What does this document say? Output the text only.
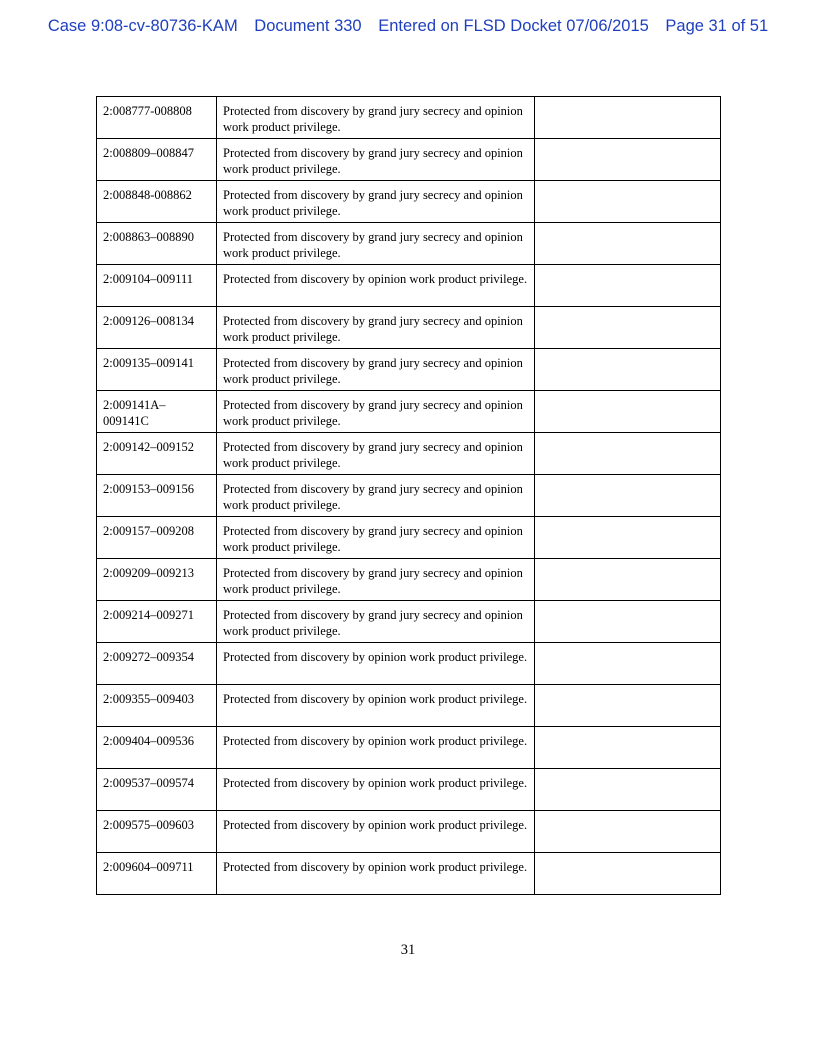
Case 9:08-cv-80736-KAM Document 330 Entered on FLSD Docket 07/06/2015 Page 31 of 51
2:008777-008808	Protected from discovery by grand jury secrecy and opinion work product privilege.	
2:008809–008847	Protected from discovery by grand jury secrecy and opinion work product privilege.	
2:008848-008862	Protected from discovery by grand jury secrecy and opinion work product privilege.	
2:008863–008890	Protected from discovery by grand jury secrecy and opinion work product privilege.	
2:009104–009111	Protected from discovery by opinion work product privilege.	
2:009126–008134	Protected from discovery by grand jury secrecy and opinion work product privilege.	
2:009135–009141	Protected from discovery by grand jury secrecy and opinion work product privilege.	
2:009141A–009141C	Protected from discovery by grand jury secrecy and opinion work product privilege.	
2:009142–009152	Protected from discovery by grand jury secrecy and opinion work product privilege.	
2:009153–009156	Protected from discovery by grand jury secrecy and opinion work product privilege.	
2:009157–009208	Protected from discovery by grand jury secrecy and opinion work product privilege.	
2:009209–009213	Protected from discovery by grand jury secrecy and opinion work product privilege.	
2:009214–009271	Protected from discovery by grand jury secrecy and opinion work product privilege.	
2:009272–009354	Protected from discovery by opinion work product privilege.	
2:009355–009403	Protected from discovery by opinion work product privilege.	
2:009404–009536	Protected from discovery by opinion work product privilege.	
2:009537–009574	Protected from discovery by opinion work product privilege.	
2:009575–009603	Protected from discovery by opinion work product privilege.	
2:009604–009711	Protected from discovery by opinion work product privilege.	
31
